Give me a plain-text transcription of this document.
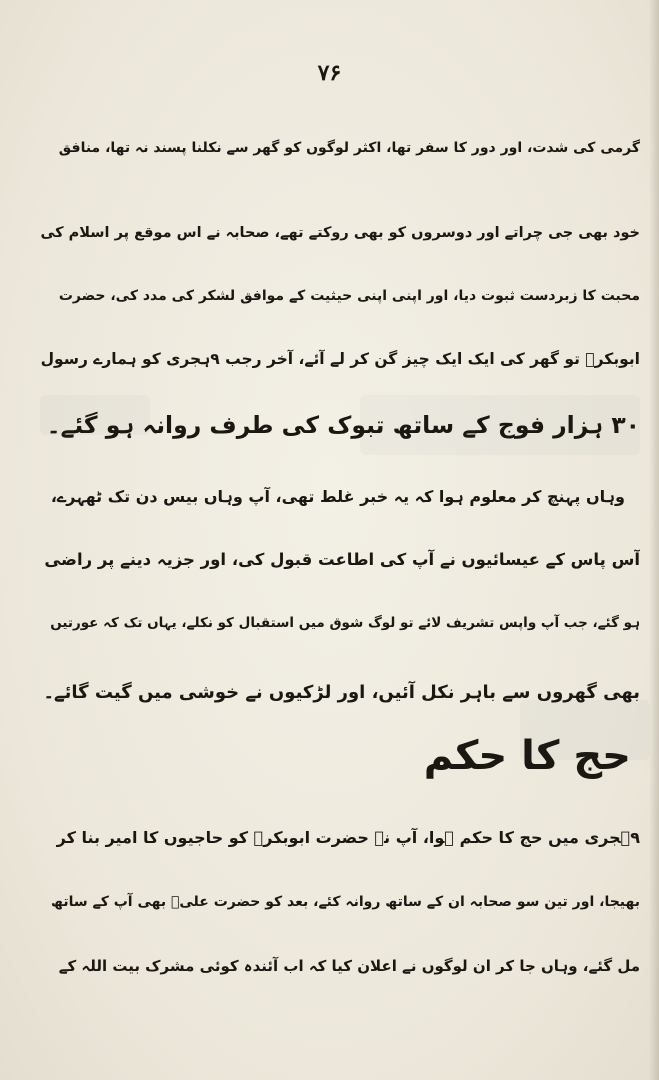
۷۶
گرمی کی شدت، اور دور کا سفر تھا، اکثر لوگوں کو گھر سے نکلنا پسند نہ تھا، منافق
خود بھی جی چراتے اور دوسروں کو بھی روکتے تھے، صحابہ نے اس موقع پر اسلام کی
محبت کا زبردست ثبوت دیا، اور اپنی اپنی حیثیت کے موافق لشکر کی مدد کی، حضرت
ابوبکرؓ تو گھر کی ایک ایک چیز گن کر لے آئے، آخر رجب ۹ہجری کو ہمارے رسول
۳۰ ہزار فوج کے ساتھ تبوک کی طرف روانہ ہو گئے۔
وہاں پہنچ کر معلوم ہوا کہ یہ خبر غلط تھی، آپ وہاں بیس دن تک ٹھہرے،
آس پاس کے عیسائیوں نے آپ کی اطاعت قبول کی، اور جزیہ دینے پر راضی
ہو گئے، جب آپ واپس تشریف لائے تو لوگ شوق میں استقبال کو نکلے، یہاں تک کہ عورتیں
بھی گھروں سے باہر نکل آئیں، اور لڑکیوں نے خوشی میں گیت گائے۔
حج کا حکم
۹ہجری میں حج کا حکم ہوا، آپ نے حضرت ابوبکرؓ کو حاجیوں کا امیر بنا کر
بھیجا، اور تین سو صحابہ ان کے ساتھ روانہ کئے، بعد کو حضرت علیؓ بھی آپ کے ساتھ
مل گئے، وہاں جا کر ان لوگوں نے اعلان کیا کہ اب آئندہ کوئی مشرک بیت اللہ کے
